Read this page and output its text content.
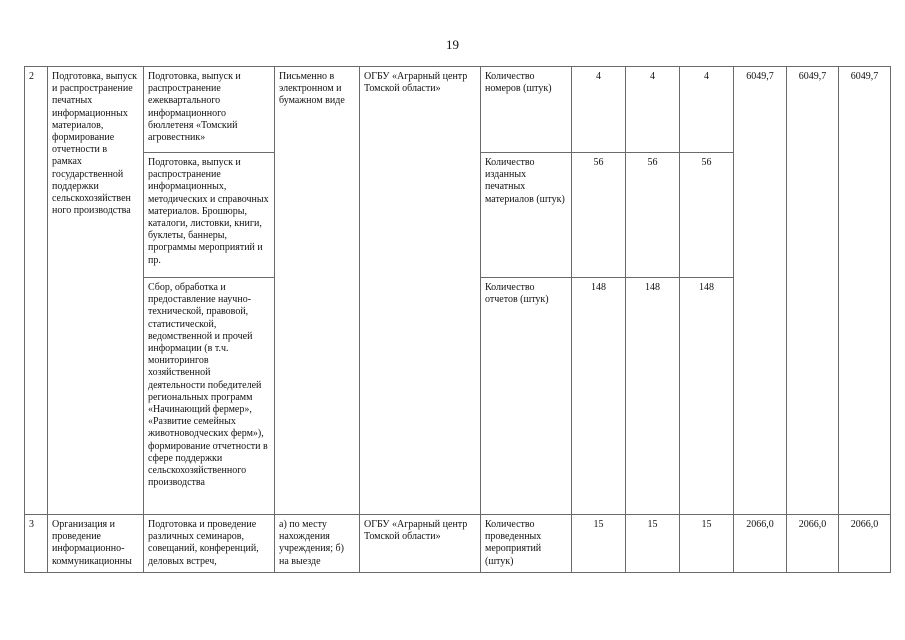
19
2	Подготовка, выпуск и распространение печатных информационных материалов, формирование отчетности в рамках государственной поддержки сельскохозяйствен ного производства	Подготовка, выпуск и распространение ежеквартального информационного бюллетеня «Томский агровестник»	Письменно в электронном и бумажном виде	ОГБУ «Аграрный центр Томской области»	Количество номеров (штук)	4	4	4	6049,7	6049,7	6049,7
		Подготовка, выпуск и распространение информационных, методических и справочных материалов. Брошюры, каталоги, листовки, книги, буклеты, баннеры, программы мероприятий и пр.			Количество изданных печатных материалов (штук)	56	56	56			
		Сбор, обработка и предоставление научно-технической, правовой, статистической, ведомственной и прочей информации (в т.ч. мониторингов хозяйственной деятельности победителей региональных программ «Начинающий фермер», «Развитие семейных животноводческих ферм»), формирование отчетности в сфере поддержки сельскохозяйственного производства			Количество отчетов (штук)	148	148	148			
3	Организация и проведение информационно-коммуникационны	Подготовка и проведение различных семинаров, совещаний, конференций, деловых встреч,	а) по месту нахождения учреждения; б) на выезде	ОГБУ «Аграрный центр Томской области»	Количество проведенных мероприятий (штук)	15	15	15	2066,0	2066,0	2066,0
